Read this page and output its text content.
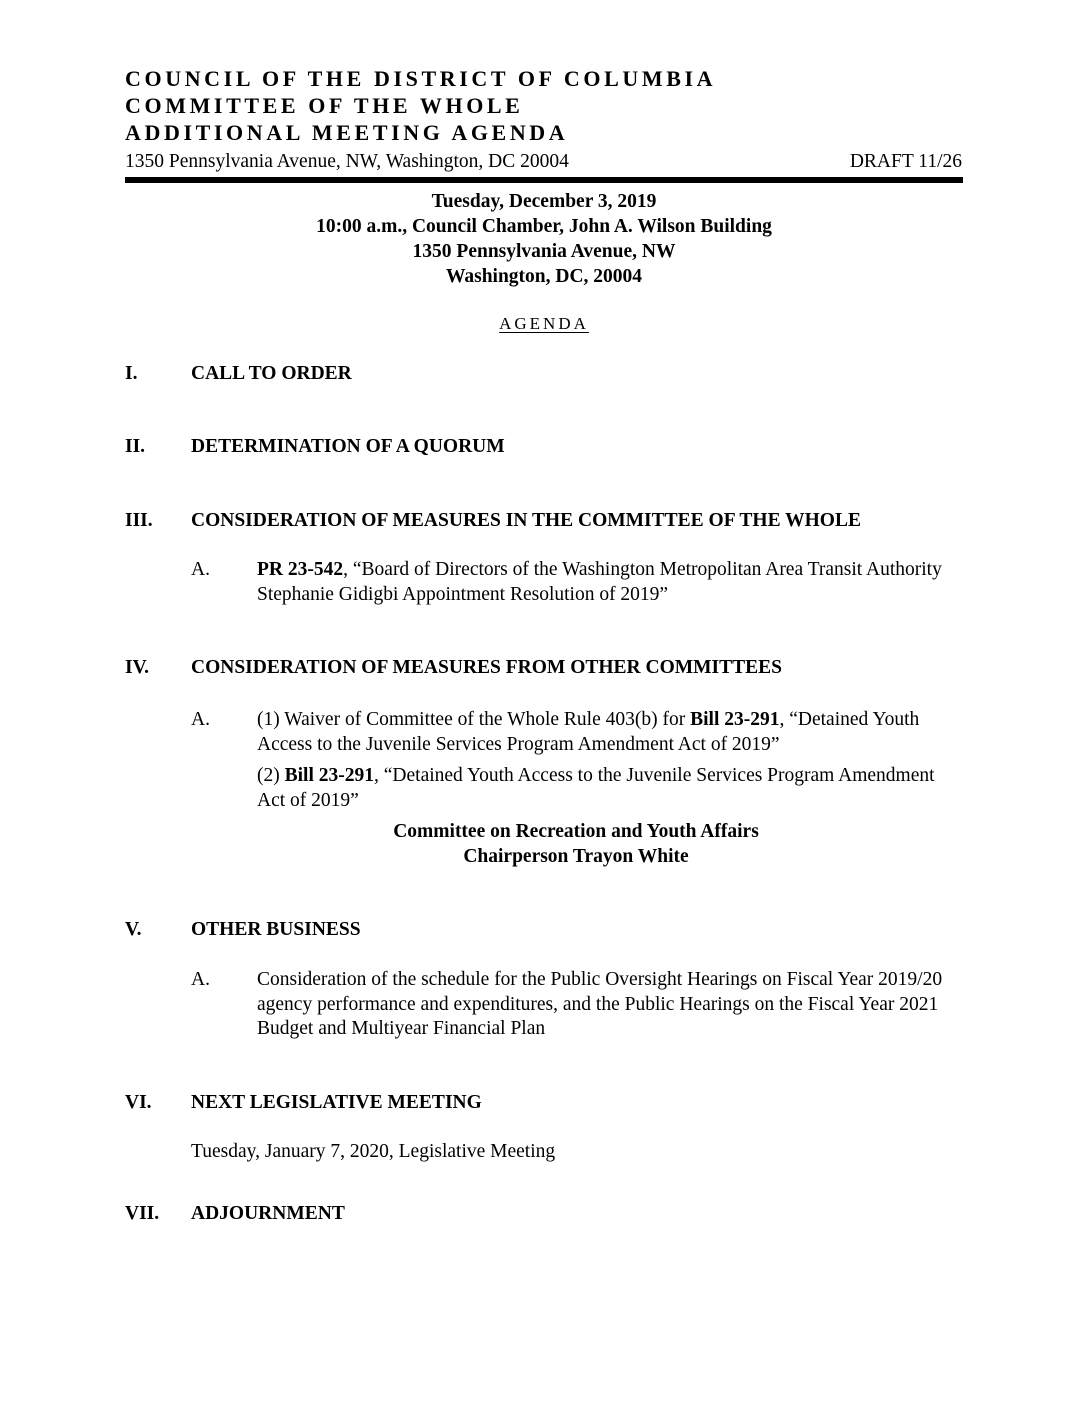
COUNCIL OF THE DISTRICT OF COLUMBIA
COMMITTEE OF THE WHOLE
ADDITIONAL MEETING AGENDA
1350 Pennsylvania Avenue, NW, Washington, DC 20004	DRAFT 11/26
Tuesday, December 3, 2019
10:00 a.m., Council Chamber, John A. Wilson Building
1350 Pennsylvania Avenue, NW
Washington, DC, 20004
AGENDA
I.	CALL TO ORDER
II. DETERMINATION OF A QUORUM
III. CONSIDERATION OF MEASURES IN THE COMMITTEE OF THE WHOLE
A. PR 23-542, “Board of Directors of the Washington Metropolitan Area Transit Authority Stephanie Gidigbi Appointment Resolution of 2019”
IV. CONSIDERATION OF MEASURES FROM OTHER COMMITTEES
A. (1) Waiver of Committee of the Whole Rule 403(b) for Bill 23-291, “Detained Youth Access to the Juvenile Services Program Amendment Act of 2019”
(2) Bill 23-291, “Detained Youth Access to the Juvenile Services Program Amendment Act of 2019”
Committee on Recreation and Youth Affairs
Chairperson Trayon White
V.	OTHER BUSINESS
A. Consideration of the schedule for the Public Oversight Hearings on Fiscal Year 2019/20 agency performance and expenditures, and the Public Hearings on the Fiscal Year 2021 Budget and Multiyear Financial Plan
VI. NEXT LEGISLATIVE MEETING
Tuesday, January 7, 2020, Legislative Meeting
VII. ADJOURNMENT
